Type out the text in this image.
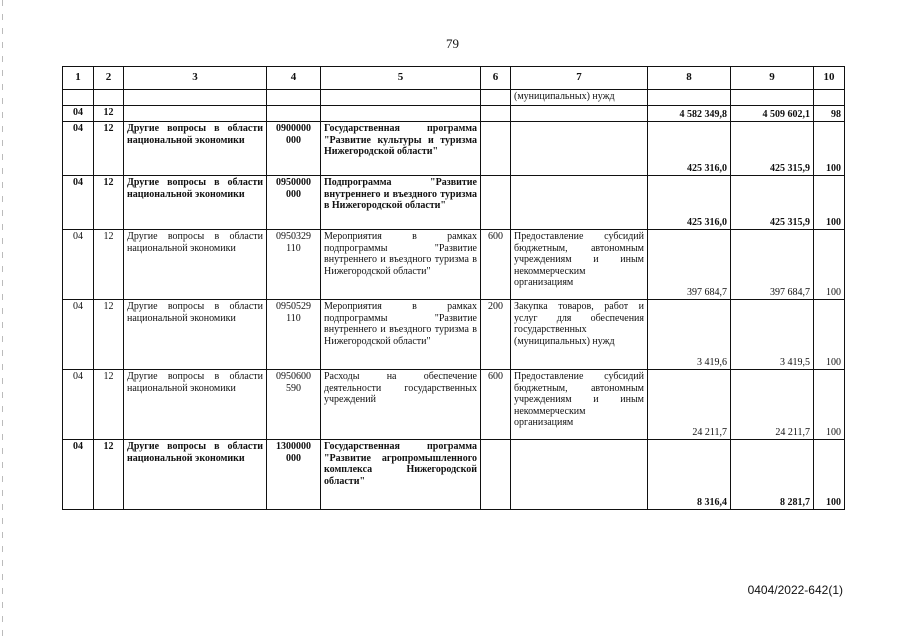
79
1	2	3	4	5	6	7	8	9	10
						(муниципальных) нужд			
04	12						4 582 349,8	4 509 602,1	98
04	12	Другие вопросы в области национальной экономики	0900000 000	Государственная программа "Развитие культуры и туризма Нижегородской области"			425 316,0	425 315,9	100
04	12	Другие вопросы в области национальной экономики	0950000 000	Подпрограмма "Развитие внутреннего и въездного туризма в Нижегородской области"			425 316,0	425 315,9	100
04	12	Другие вопросы в области национальной экономики	0950329 110	Мероприятия в рамках подпрограммы "Развитие внутреннего и въездного туризма в Нижегородской области"	600	Предоставление субсидий бюджетным, автономным учреждениям и иным некоммерческим организациям	397 684,7	397 684,7	100
04	12	Другие вопросы в области национальной экономики	0950529 110	Мероприятия в рамках подпрограммы "Развитие внутреннего и въездного туризма в Нижегородской области"	200	Закупка товаров, работ и услуг для обеспечения государственных (муниципальных) нужд	3 419,6	3 419,5	100
04	12	Другие вопросы в области национальной экономики	0950600 590	Расходы на обеспечение деятельности государственных учреждений	600	Предоставление субсидий бюджетным, автономным учреждениям и иным некоммерческим организациям	24 211,7	24 211,7	100
04	12	Другие вопросы в области национальной экономики	1300000 000	Государственная программа "Развитие агропромышленного комплекса Нижегородской области"			8 316,4	8 281,7	100
0404/2022-642(1)
